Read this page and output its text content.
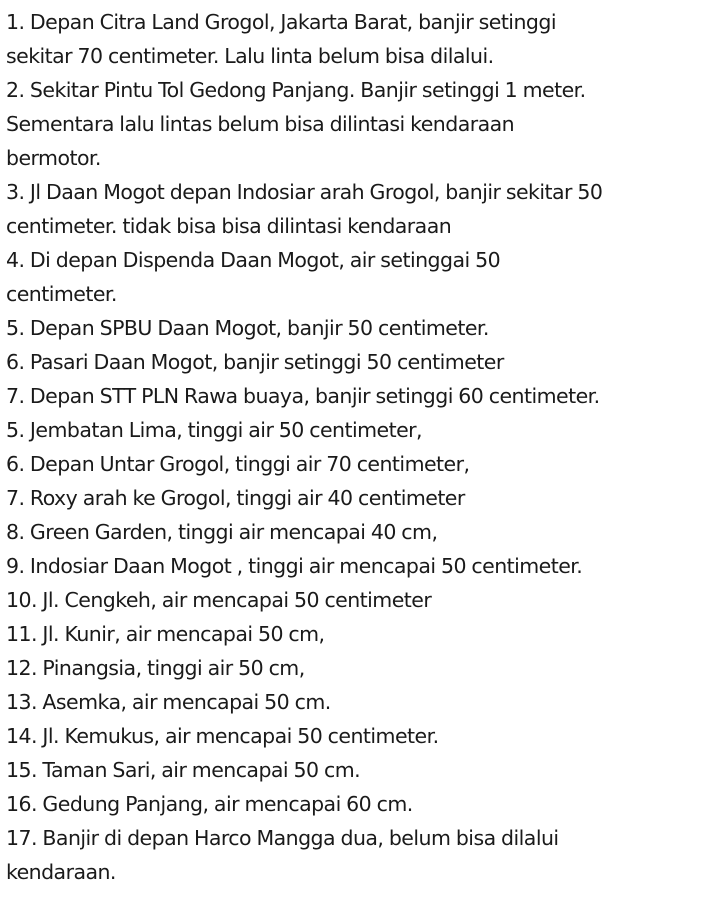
1. Depan Citra Land Grogol, Jakarta Barat, banjir setinggi
sekitar 70 centimeter. Lalu linta belum bisa dilalui.
2. Sekitar Pintu Tol Gedong Panjang. Banjir setinggi 1 meter.
Sementara lalu lintas belum bisa dilintasi kendaraan
bermotor.
3. Jl Daan Mogot depan Indosiar arah Grogol, banjir sekitar 50
centimeter. tidak bisa bisa dilintasi kendaraan
4. Di depan Dispenda Daan Mogot, air setinggai 50
centimeter.
5. Depan SPBU Daan Mogot, banjir 50 centimeter.
6. Pasari Daan Mogot, banjir setinggi 50 centimeter
7. Depan STT PLN Rawa buaya, banjir setinggi 60 centimeter.
5. Jembatan Lima, tinggi air 50 centimeter,
6. Depan Untar Grogol, tinggi air 70 centimeter,
7. Roxy arah ke Grogol, tinggi air 40 centimeter
8. Green Garden, tinggi air mencapai 40 cm,
9. Indosiar Daan Mogot , tinggi air mencapai 50 centimeter.
10. Jl. Cengkeh, air mencapai 50 centimeter
11. Jl. Kunir, air mencapai 50 cm,
12. Pinangsia, tinggi air 50 cm,
13. Asemka, air mencapai 50 cm.
14. Jl. Kemukus, air mencapai 50 centimeter.
15. Taman Sari, air mencapai 50 cm.
16. Gedung Panjang, air mencapai 60 cm.
17. Banjir di depan Harco Mangga dua, belum bisa dilalui
kendaraan.
